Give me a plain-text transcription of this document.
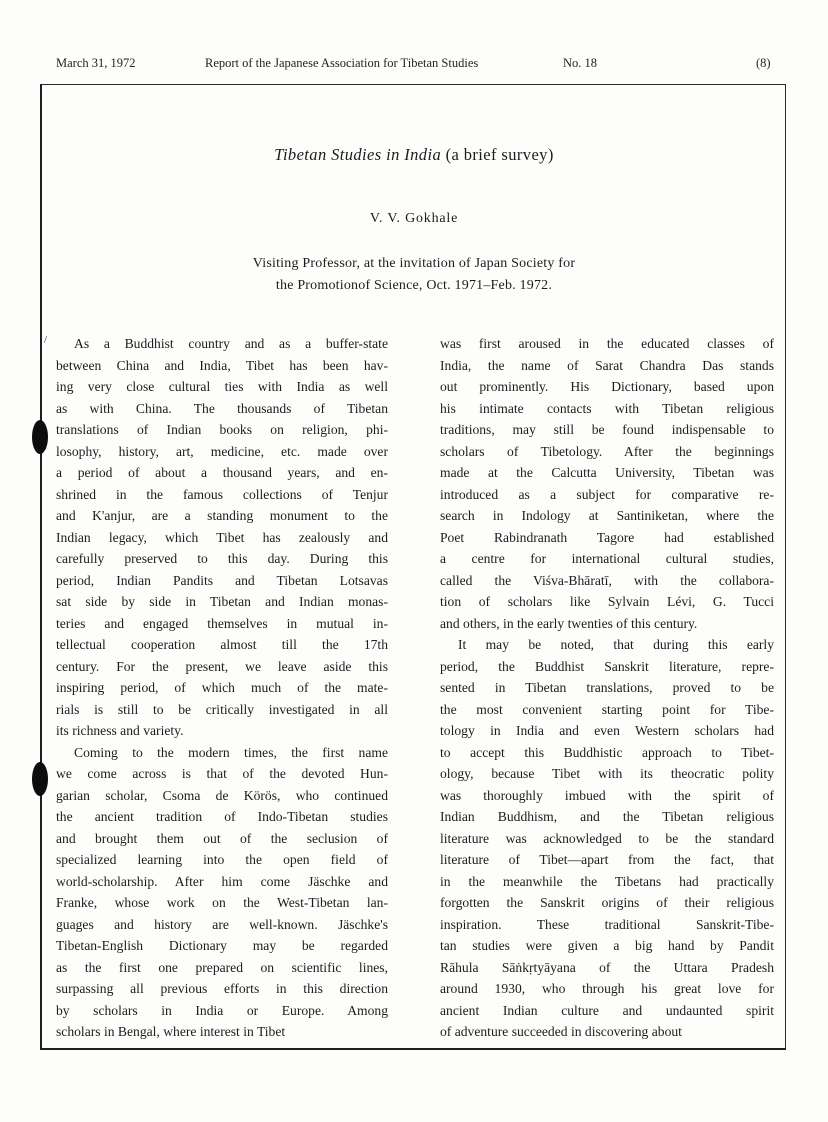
March 31, 1972	Report of the Japanese Association for Tibetan Studies	No. 18	(8)
/
Tibetan Studies in India (a brief survey)
V. V. Gokhale
Visiting Professor, at the invitation of Japan Society for
the Promotionof Science, Oct. 1971–Feb. 1972.
As a Buddhist country and as a buffer-state
between China and India, Tibet has been hav-
ing very close cultural ties with India as well
as with China. The thousands of Tibetan
translations of Indian books on religion, phi-
losophy, history, art, medicine, etc. made over
a period of about a thousand years, and en-
shrined in the famous collections of Tenjur
and K'anjur, are a standing monument to the
Indian legacy, which Tibet has zealously and
carefully preserved to this day. During this
period, Indian Pandits and Tibetan Lotsavas
sat side by side in Tibetan and Indian monas-
teries and engaged themselves in mutual in-
tellectual cooperation almost till the 17th
century. For the present, we leave aside this
inspiring period, of which much of the mate-
rials is still to be critically investigated in all
its richness and variety.
Coming to the modern times, the first name
we come across is that of the devoted Hun-
garian scholar, Csoma de Körös, who continued
the ancient tradition of Indo-Tibetan studies
and brought them out of the seclusion of
specialized learning into the open field of
world-scholarship. After him come Jäschke and
Franke, whose work on the West-Tibetan lan-
guages and history are well-known. Jäschke's
Tibetan-English Dictionary may be regarded
as the first one prepared on scientific lines,
surpassing all previous efforts in this direction
by scholars in India or Europe. Among
scholars in Bengal, where interest in Tibet
was first aroused in the educated classes of
India, the name of Sarat Chandra Das stands
out prominently. His Dictionary, based upon
his intimate contacts with Tibetan religious
traditions, may still be found indispensable to
scholars of Tibetology. After the beginnings
made at the Calcutta University, Tibetan was
introduced as a subject for comparative re-
search in Indology at Santiniketan, where the
Poet Rabindranath Tagore had established
a centre for international cultural studies,
called the Viśva-Bhāratī, with the collabora-
tion of scholars like Sylvain Lévi, G. Tucci
and others, in the early twenties of this century.
It may be noted, that during this early
period, the Buddhist Sanskrit literature, repre-
sented in Tibetan translations, proved to be
the most convenient starting point for Tibe-
tology in India and even Western scholars had
to accept this Buddhistic approach to Tibet-
ology, because Tibet with its theocratic polity
was thoroughly imbued with the spirit of
Indian Buddhism, and the Tibetan religious
literature was acknowledged to be the standard
literature of Tibet—apart from the fact, that
in the meanwhile the Tibetans had practically
forgotten the Sanskrit origins of their religious
inspiration. These traditional Sanskrit-Tibe-
tan studies were given a big hand by Pandit
Rāhula Sāṅkṛtyāyana of the Uttara Pradesh
around 1930, who through his great love for
ancient Indian culture and undaunted spirit
of adventure succeeded in discovering about
